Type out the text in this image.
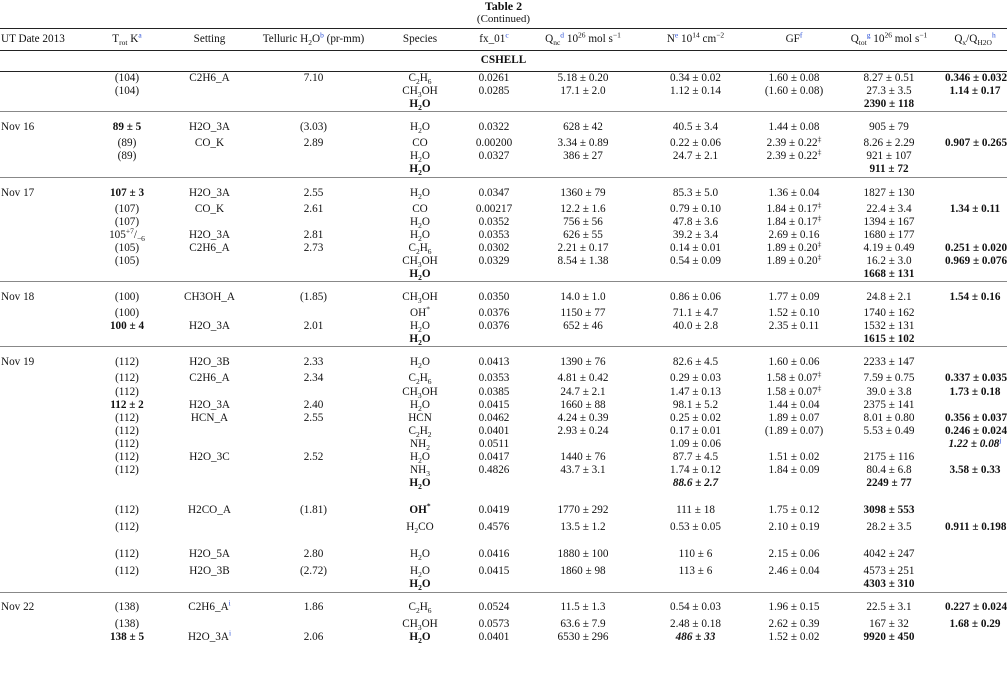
Table 2
(Continued)
UT Date 2013	$T_{rot}$ K$^a$	Setting	Telluric $H_2O^b$ (pr-mm)	Species	fx_01$^c$	$Q_{nc}^d$ $10^{26}$ mol $s^{-1}$	N$^e$ $10^{14}$ $cm^{-2}$	GF$^f$	$Q_{tot}^g$ $10^{26}$ mol $s^{-1}$	$Q_x/Q_{H2O}^h$
CSHELL										
	(104)	C2H6_A	7.10	$C_2H_6$	0.0261	5.18 ± 0.20	0.34 ± 0.02	1.60 ± 0.08	8.27 ± 0.51	0.346 ± 0.032
	(104)			$CH_3OH$	0.0285	17.1 ± 2.0	1.12 ± 0.14	(1.60 ± 0.08)	27.3 ± 3.5	1.14 ± 0.17
				$H_2O$					2390 ± 118	
Nov 16	89 ± 5	H2O_3A	(3.03)	$H_2O$	0.0322	628 ± 42	40.5 ± 3.4	1.44 ± 0.08	905 ± 79	
	(89)	CO_K	2.89	CO	0.00200	3.34 ± 0.89	0.22 ± 0.06	2.39 ± 0.22‡	8.26 ± 2.29	0.907 ± 0.265
	(89)			$H_2O$	0.0327	386 ± 27	24.7 ± 2.1	2.39 ± 0.22‡	921 ± 107	
				$H_2O$					911 ± 72	
Nov 17	107 ± 3	H2O_3A	2.55	$H_2O$	0.0347	1360 ± 79	85.3 ± 5.0	1.36 ± 0.04	1827 ± 130	
	(107)	CO_K	2.61	CO	0.00217	12.2 ± 1.6	0.79 ± 0.10	1.84 ± 0.17‡	22.4 ± 3.4	1.34 ± 0.11
	(107)			$H_2O$	0.0352	756 ± 56	47.8 ± 3.6	1.84 ± 0.17‡	1394 ± 167	
	$105^{+7}/_{-6}$	H2O_3A	2.81	$H_2O$	0.0353	626 ± 55	39.2 ± 3.4	2.69 ± 0.16	1680 ± 177	
	(105)	C2H6_A	2.73	$C_2H_6$	0.0302	2.21 ± 0.17	0.14 ± 0.01	1.89 ± 0.20‡	4.19 ± 0.49	0.251 ± 0.020
	(105)			$CH_3OH$	0.0329	8.54 ± 1.38	0.54 ± 0.09	1.89 ± 0.20‡	16.2 ± 3.0	0.969 ± 0.076
				$H_2O$					1668 ± 131	
Nov 18	(100)	CH3OH_A	(1.85)	$CH_3OH$	0.0350	14.0 ± 1.0	0.86 ± 0.06	1.77 ± 0.09	24.8 ± 2.1	1.54 ± 0.16
	(100)			OH*	0.0376	1150 ± 77	71.1 ± 4.7	1.52 ± 0.10	1740 ± 162	
	100 ± 4	H2O_3A	2.01	$H_2O$	0.0376	652 ± 46	40.0 ± 2.8	2.35 ± 0.11	1532 ± 131	
				$H_2O$					1615 ± 102	
Nov 19	(112)	H2O_3B	2.33	$H_2O$	0.0413	1390 ± 76	82.6 ± 4.5	1.60 ± 0.06	2233 ± 147	
	(112)	C2H6_A	2.34	$C_2H_6$	0.0353	4.81 ± 0.42	0.29 ± 0.03	1.58 ± 0.07‡	7.59 ± 0.75	0.337 ± 0.035
	(112)			$CH_3OH$	0.0385	24.7 ± 2.1	1.47 ± 0.13	1.58 ± 0.07‡	39.0 ± 3.8	1.73 ± 0.18
	112 ± 2	H2O_3A	2.40	$H_2O$	0.0415	1660 ± 88	98.1 ± 5.2	1.44 ± 0.04	2375 ± 141	
	(112)	HCN_A	2.55	HCN	0.0462	4.24 ± 0.39	0.25 ± 0.02	1.89 ± 0.07	8.01 ± 0.80	0.356 ± 0.037
	(112)			$C_2H_2$	0.0401	2.93 ± 0.24	0.17 ± 0.01	(1.89 ± 0.07)	5.53 ± 0.49	0.246 ± 0.024
	(112)			$NH_2$	0.0511		1.09 ± 0.06			1.22 ± 0.08$^j$
	(112)	H2O_3C	2.52	$H_2O$	0.0417	1440 ± 76	87.7 ± 4.5	1.51 ± 0.02	2175 ± 116	
	(112)			$NH_3$	0.4826	43.7 ± 3.1	1.74 ± 0.12	1.84 ± 0.09	80.4 ± 6.8	3.58 ± 0.33
				$H_2O$			88.6 ± 2.7		2249 ± 77	
	(112)	H2CO_A	(1.81)	OH*	0.0419	1770 ± 292	111 ± 18	1.75 ± 0.12	3098 ± 553	
	(112)			$H_2CO$	0.4576	13.5 ± 1.2	0.53 ± 0.05	2.10 ± 0.19	28.2 ± 3.5	0.911 ± 0.198
	(112)	H2O_5A	2.80	$H_2O$	0.0416	1880 ± 100	110 ± 6	2.15 ± 0.06	4042 ± 247	
	(112)	H2O_3B	(2.72)	$H_2O$	0.0415	1860 ± 98	113 ± 6	2.46 ± 0.04	4573 ± 251	
				$H_2O$					4303 ± 310	
Nov 22	(138)	C2H6_A$^i$	1.86	$C_2H_6$	0.0524	11.5 ± 1.3	0.54 ± 0.03	1.96 ± 0.15	22.5 ± 3.1	0.227 ± 0.024
	(138)			$CH_3OH$	0.0573	63.6 ± 7.9	2.48 ± 0.18	2.62 ± 0.39	167 ± 32	1.68 ± 0.29
	138 ± 5	H2O_3A$^i$	2.06	$H_2O$	0.0401	6530 ± 296	486 ± 33	1.52 ± 0.02	9920 ± 450	
